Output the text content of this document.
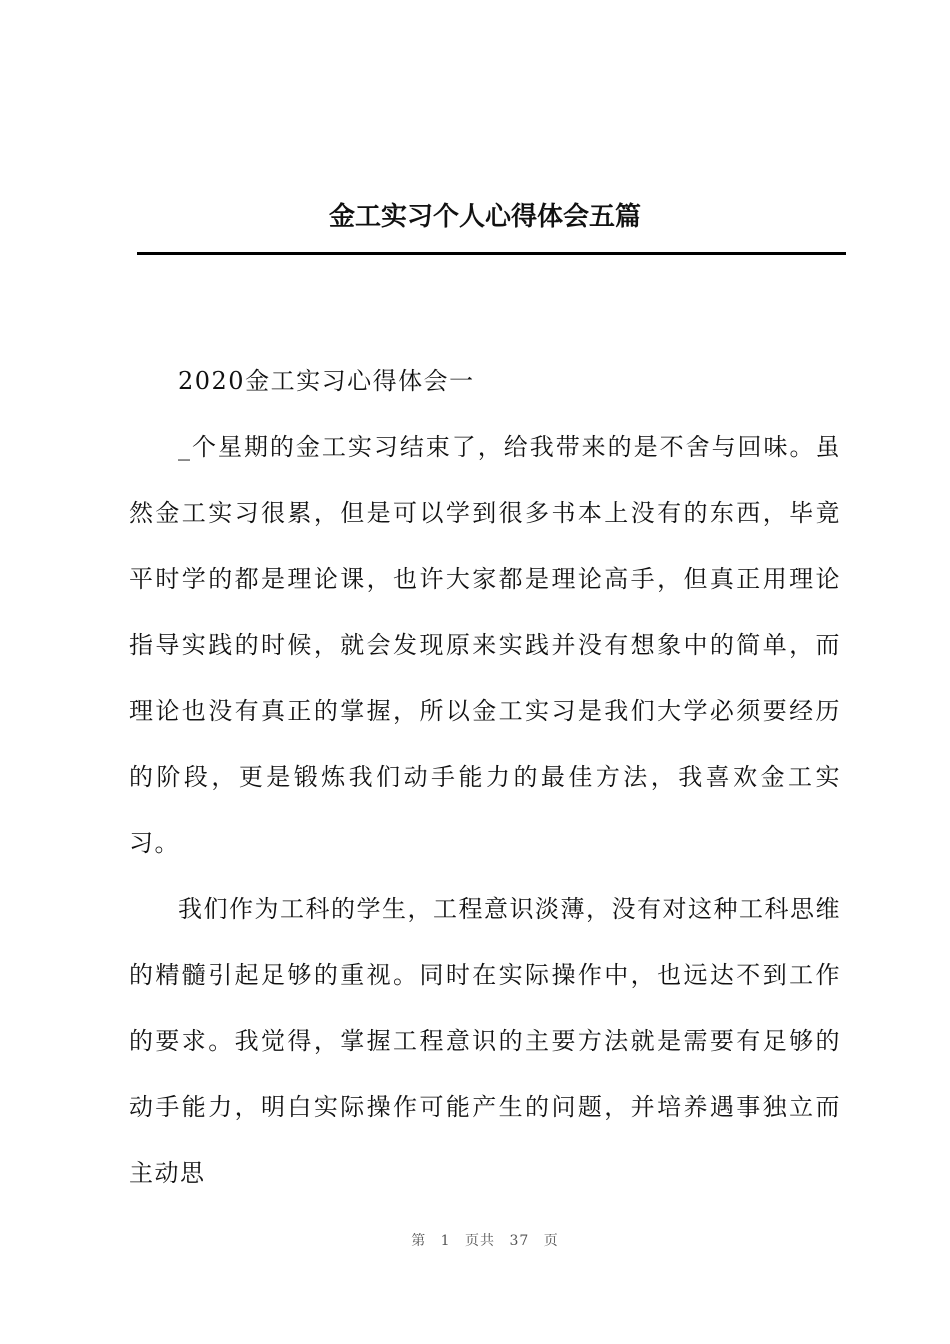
金工实习个人心得体会五篇

2020金工实习心得体会一

_个星期的金工实习结束了，给我带来的是不舍与回味。虽然金工实习很累，但是可以学到很多书本上没有的东西，毕竟平时学的都是理论课，也许大家都是理论高手，但真正用理论指导实践的时候，就会发现原来实践并没有想象中的简单，而理论也没有真正的掌握，所以金工实习是我们大学必须要经历的阶段，更是锻炼我们动手能力的最佳方法，我喜欢金工实习。

我们作为工科的学生，工程意识淡薄，没有对这种工科思维的精髓引起足够的重视。同时在实际操作中，也远达不到工作的要求。我觉得，掌握工程意识的主要方法就是需要有足够的动手能力，明白实际操作可能产生的问题，并培养遇事独立而主动思

第 1 页共 37 页
